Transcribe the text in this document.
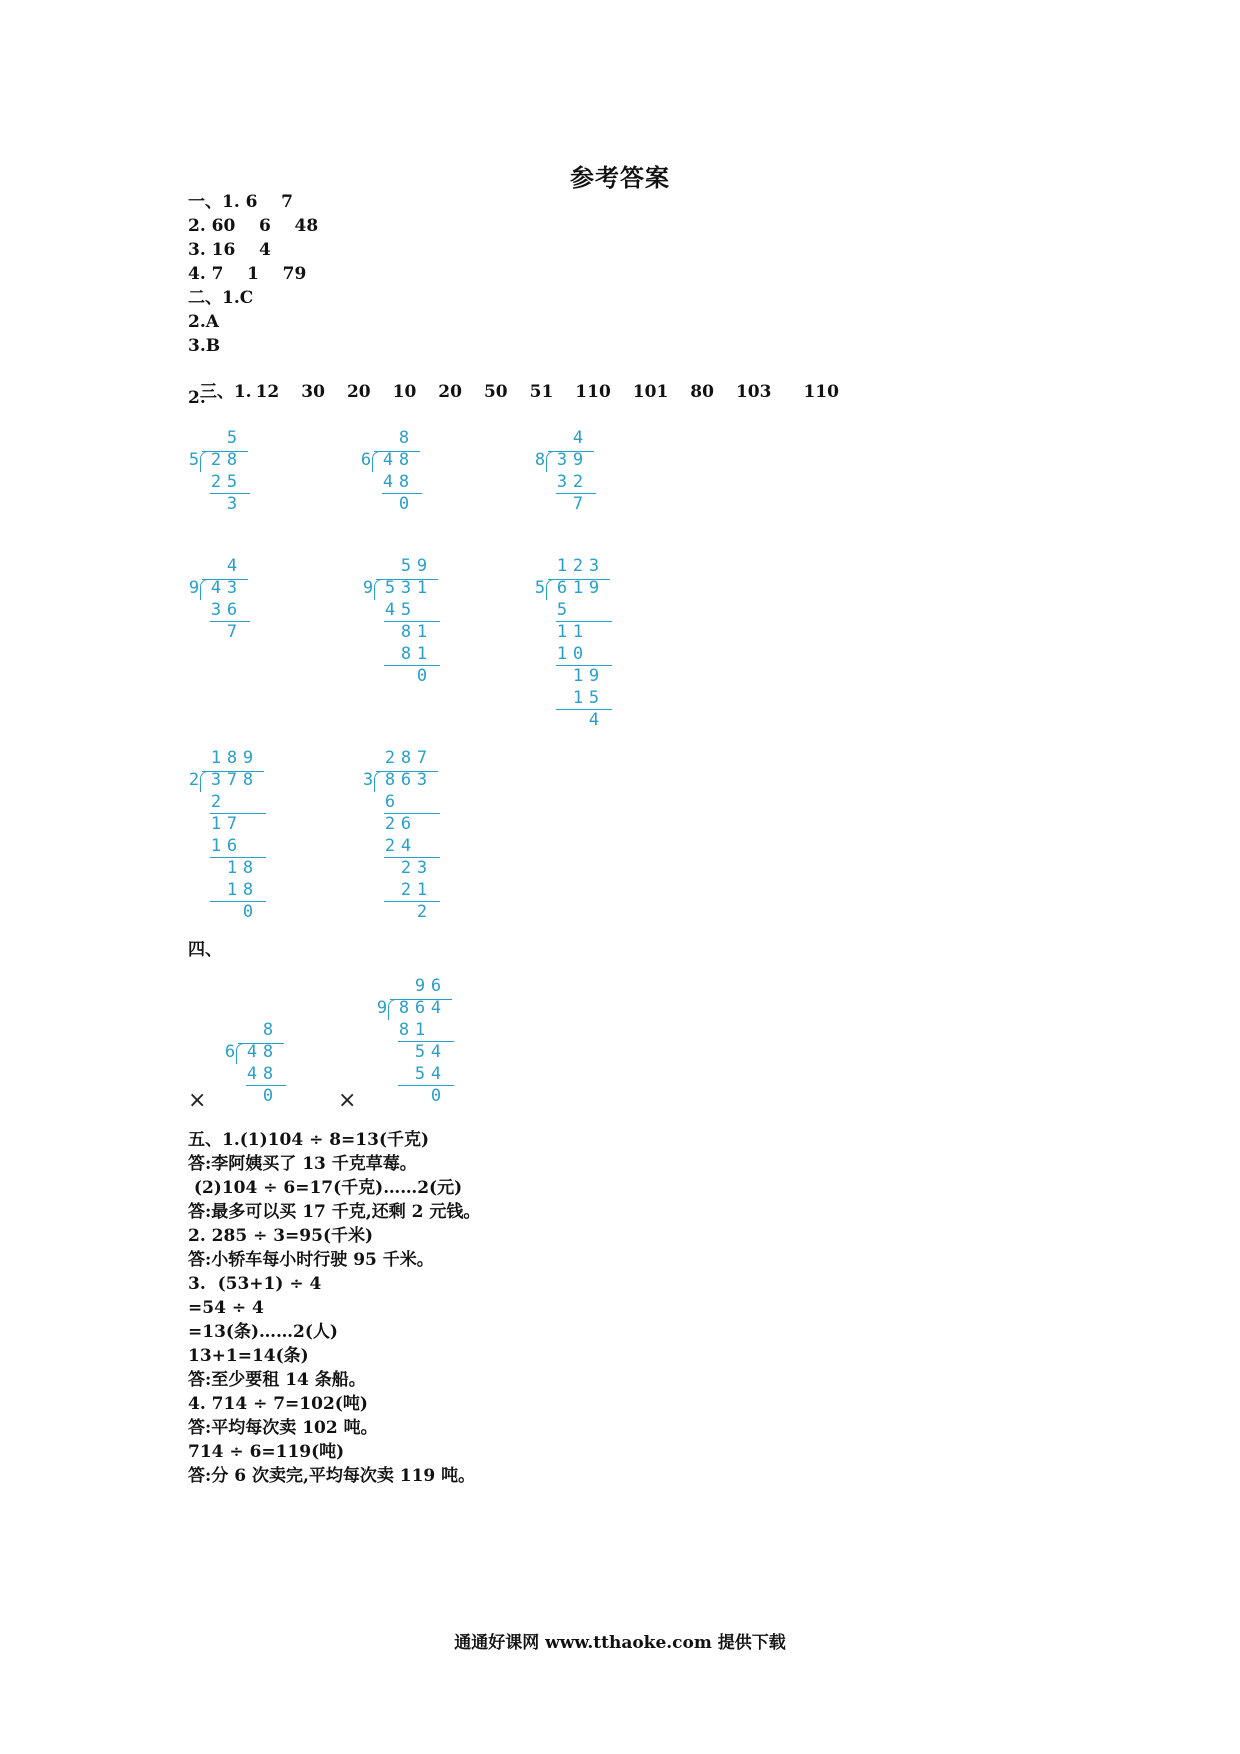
参考答案
一、1. 6    7
2. 60    6    48
3. 16    4
4. 7    1    79
二、1.C
2.A
3.B

三、1. 12 30 20 10 20 50 51 110 101 80 103 110

2.
5
5 2 8
2 5
3
8
6 4 8
4 8
0
4
8 3 9
3 2
7
4
9 4 3
3 6
7
5 9
9 5 3 1
4 5
8 1
8 1
0
1 2 3
5 6 1 9
5
1 1
1 0
1 9
1 5
4
1 8 9
2 3 7 8
2
1 7
1 6
1 8
1 8
0
2 8 7
3 8 6 3
6
2 6
2 4
2 3
2 1
2
四、
8
6 4 8
4 8
0
9 6
9 8 6 4
8 1
5 4
5 4
0
×	×
五、1.(1)104 ÷ 8=13(千克)
答:李阿姨买了 13 千克草莓。
(2)104 ÷ 6=17(千克)……2(元)
答:最多可以买 17 千克,还剩 2 元钱。
2. 285 ÷ 3=95(千米)
答:小轿车每小时行驶 95 千米。
3.  (53+1) ÷ 4
=54 ÷ 4
=13(条)……2(人)
13+1=14(条)
答:至少要租 14 条船。
4. 714 ÷ 7=102(吨)
答:平均每次卖 102 吨。
714 ÷ 6=119(吨)
答:分 6 次卖完,平均每次卖 119 吨。
通通好课网 www.tthaoke.com 提供下载
